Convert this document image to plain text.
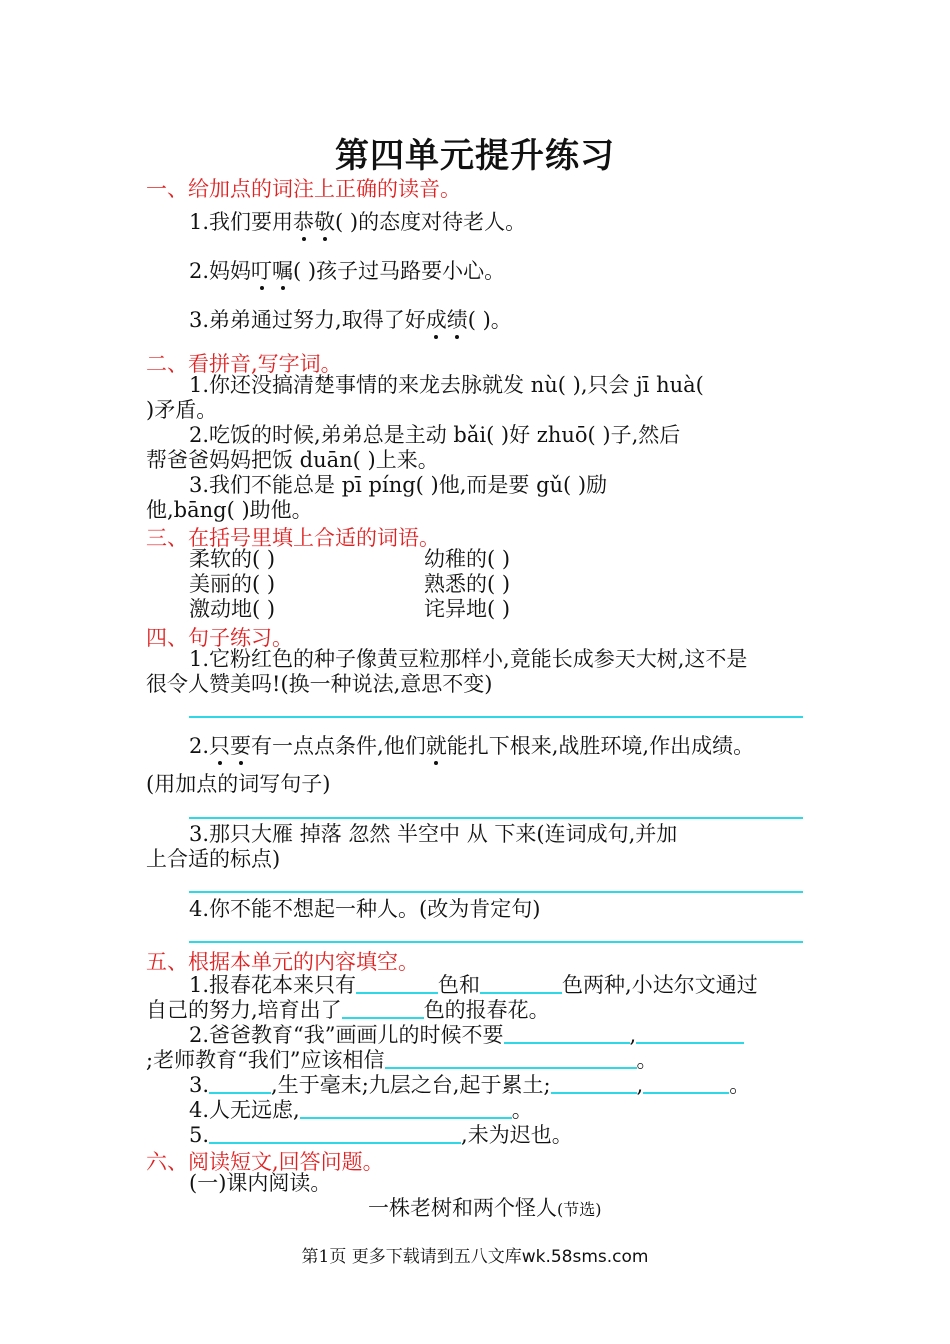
第四单元提升练习
一、给加点的词注上正确的读音。
1.我们要用恭敬( )的态度对待老人。
2.妈妈叮嘱( )孩子过马路要小心。
3.弟弟通过努力,取得了好成绩( )。
二、看拼音,写字词。
1.你还没搞清楚事情的来龙去脉就发 nù( ),只会 jī huà(
)矛盾。
2.吃饭的时候,弟弟总是主动 bǎi( )好 zhuō( )子,然后
帮爸爸妈妈把饭 duān( )上来。
3.我们不能总是 pī píng( )他,而是要 gǔ( )励
他,bāng( )助他。
三、在括号里填上合适的词语。
柔软的( )	幼稚的( )
美丽的( )	熟悉的( )
激动地( )	诧异地( )
四、句子练习。
1.它粉红色的种子像黄豆粒那样小,竟能长成参天大树,这不是
很令人赞美吗!(换一种说法,意思不变)
2.只要有一点点条件,他们就能扎下根来,战胜环境,作出成绩。
(用加点的词写句子)
3.那只大雁 掉落 忽然 半空中 从 下来(连词成句,并加
上合适的标点)
4.你不能不想起一种人。(改为肯定句)
五、根据本单元的内容填空。
1.报春花本来只有	色和	色两种,小达尔文通过
自己的努力,培育出了	色的报春花。
2.爸爸教育“我”画画儿的时候不要	,
;老师教育“我们”应该相信	。
3.	,生于毫末;九层之台,起于累土;	,	。
4.人无远虑,	。
5.	,未为迟也。
六、阅读短文,回答问题。
(一)课内阅读。
一株老树和两个怪人(节选)
第1页 更多下载请到五八文库wk.58sms.com
